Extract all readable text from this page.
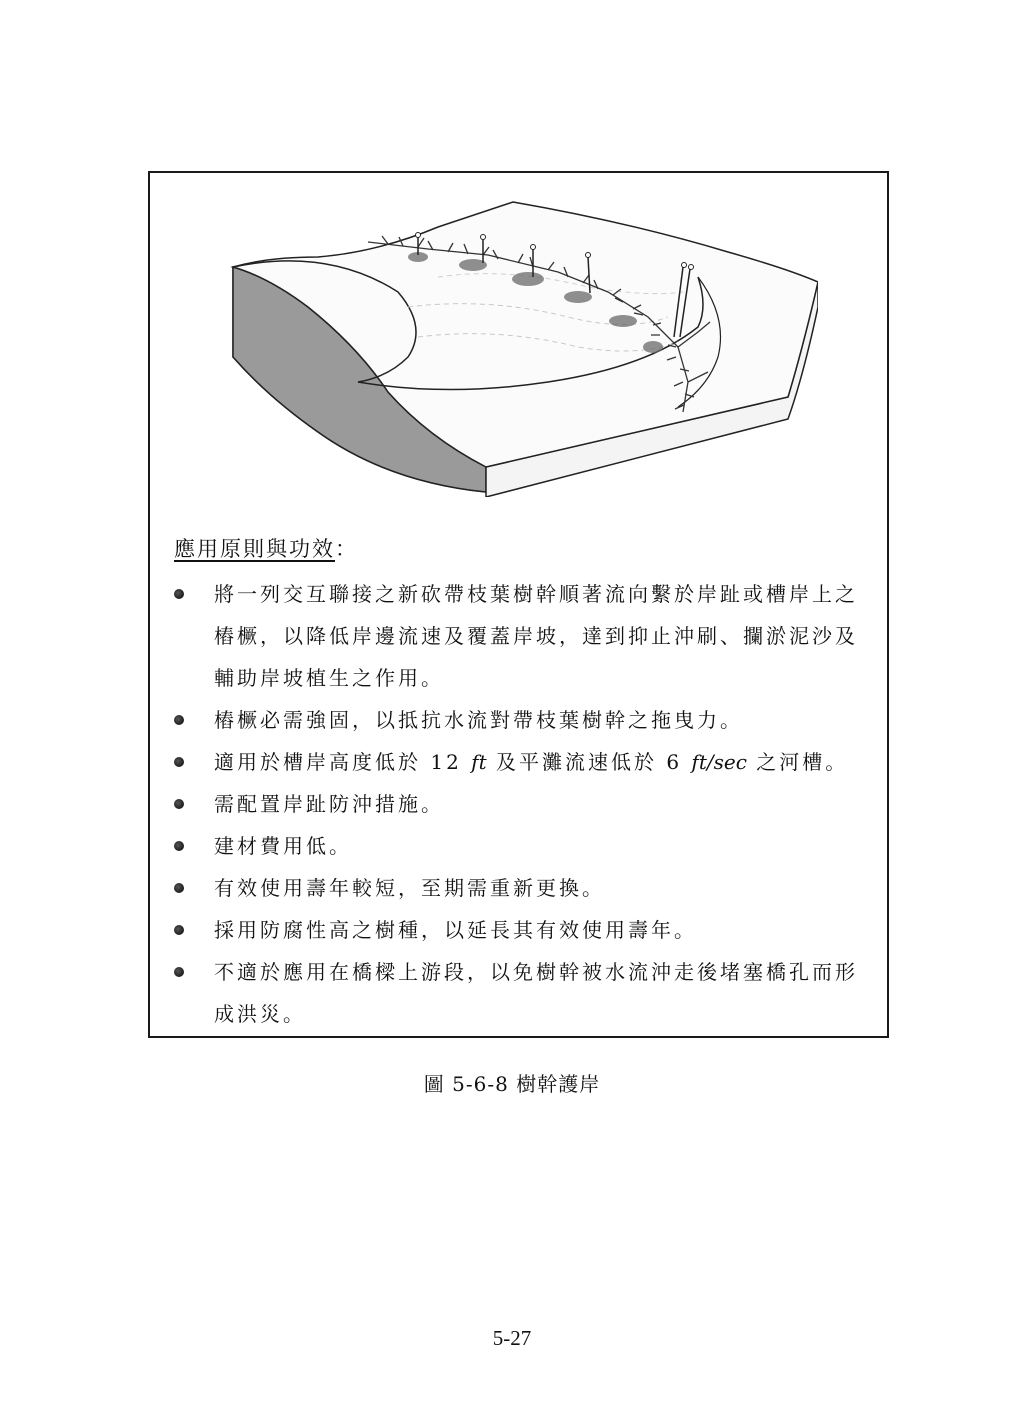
應用原則與功效：
將一列交互聯接之新砍帶枝葉樹幹順著流向繫於岸趾或槽岸上之樁橛，以降低岸邊流速及覆蓋岸坡，達到抑止沖刷、攔淤泥沙及輔助岸坡植生之作用。
樁橛必需強固，以抵抗水流對帶枝葉樹幹之拖曳力。
適用於槽岸高度低於 12 ft 及平灘流速低於 6 ft/sec 之河槽。
需配置岸趾防沖措施。
建材費用低。
有效使用壽年較短，至期需重新更換。
採用防腐性高之樹種，以延長其有效使用壽年。
不適於應用在橋樑上游段，以免樹幹被水流沖走後堵塞橋孔而形成洪災。
圖 5-6-8 樹幹護岸
5-27
